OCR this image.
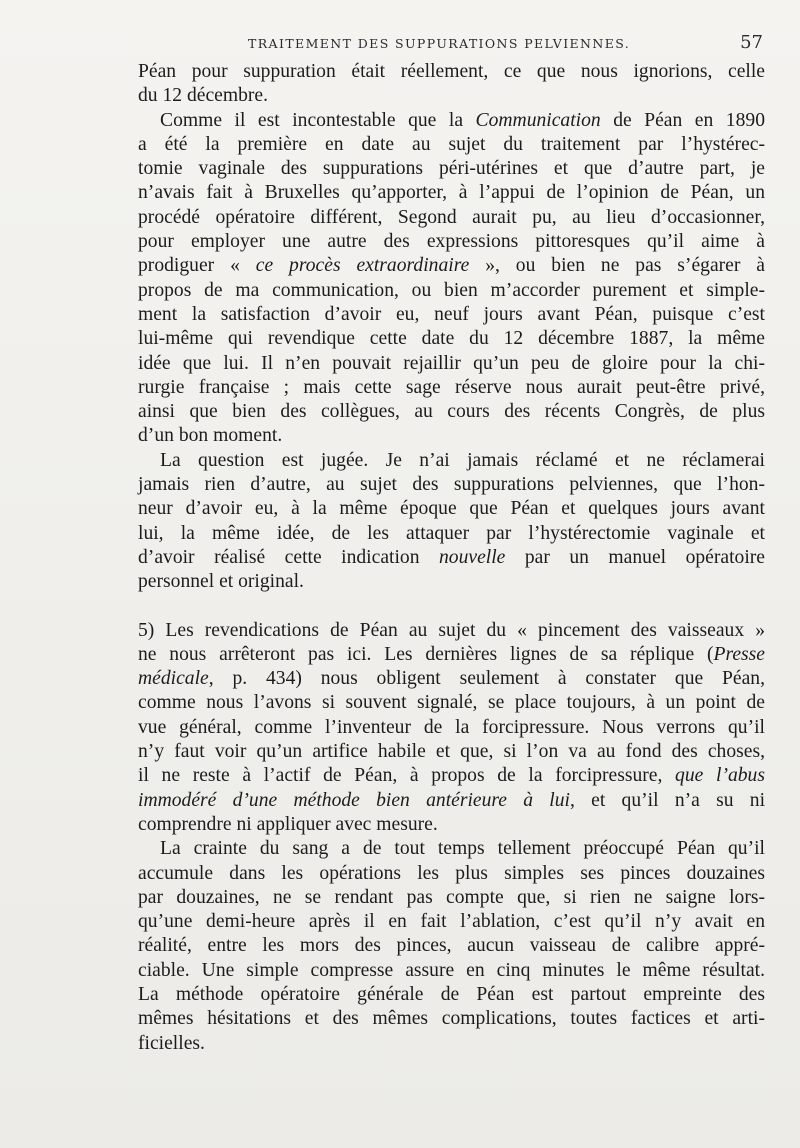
TRAITEMENT DES SUPPURATIONS PELVIENNES.	57
Péan pour suppuration était réellement, ce que nous ignorions, celle
du 12 décembre.
Comme il est incontestable que la Communication de Péan en 1890
a été la première en date au sujet du traitement par l’hystérec-
tomie vaginale des suppurations péri-utérines et que d’autre part, je
n’avais fait à Bruxelles qu’apporter, à l’appui de l’opinion de Péan, un
procédé opératoire différent, Segond aurait pu, au lieu d’occasionner,
pour employer une autre des expressions pittoresques qu’il aime à
prodiguer « ce procès extraordinaire », ou bien ne pas s’égarer à
propos de ma communication, ou bien m’accorder purement et simple-
ment la satisfaction d’avoir eu, neuf jours avant Péan, puisque c’est
lui-même qui revendique cette date du 12 décembre 1887, la même
idée que lui. Il n’en pouvait rejaillir qu’un peu de gloire pour la chi-
rurgie française ; mais cette sage réserve nous aurait peut-être privé,
ainsi que bien des collègues, au cours des récents Congrès, de plus
d’un bon moment.
La question est jugée. Je n’ai jamais réclamé et ne réclamerai
jamais rien d’autre, au sujet des suppurations pelviennes, que l’hon-
neur d’avoir eu, à la même époque que Péan et quelques jours avant
lui, la même idée, de les attaquer par l’hystérectomie vaginale et
d’avoir réalisé cette indication nouvelle par un manuel opératoire
personnel et original.
5) Les revendications de Péan au sujet du « pincement des vaisseaux »
ne nous arrêteront pas ici. Les dernières lignes de sa réplique (Presse
médicale, p. 434) nous obligent seulement à constater que Péan,
comme nous l’avons si souvent signalé, se place toujours, à un point de
vue général, comme l’inventeur de la forcipressure. Nous verrons qu’il
n’y faut voir qu’un artifice habile et que, si l’on va au fond des choses,
il ne reste à l’actif de Péan, à propos de la forcipressure, que l’abus
immodéré d’une méthode bien antérieure à lui, et qu’il n’a su ni
comprendre ni appliquer avec mesure.
La crainte du sang a de tout temps tellement préoccupé Péan qu’il
accumule dans les opérations les plus simples ses pinces douzaines
par douzaines, ne se rendant pas compte que, si rien ne saigne lors-
qu’une demi-heure après il en fait l’ablation, c’est qu’il n’y avait en
réalité, entre les mors des pinces, aucun vaisseau de calibre appré-
ciable. Une simple compresse assure en cinq minutes le même résultat.
La méthode opératoire générale de Péan est partout empreinte des
mêmes hésitations et des mêmes complications, toutes factices et arti-
ficielles.
